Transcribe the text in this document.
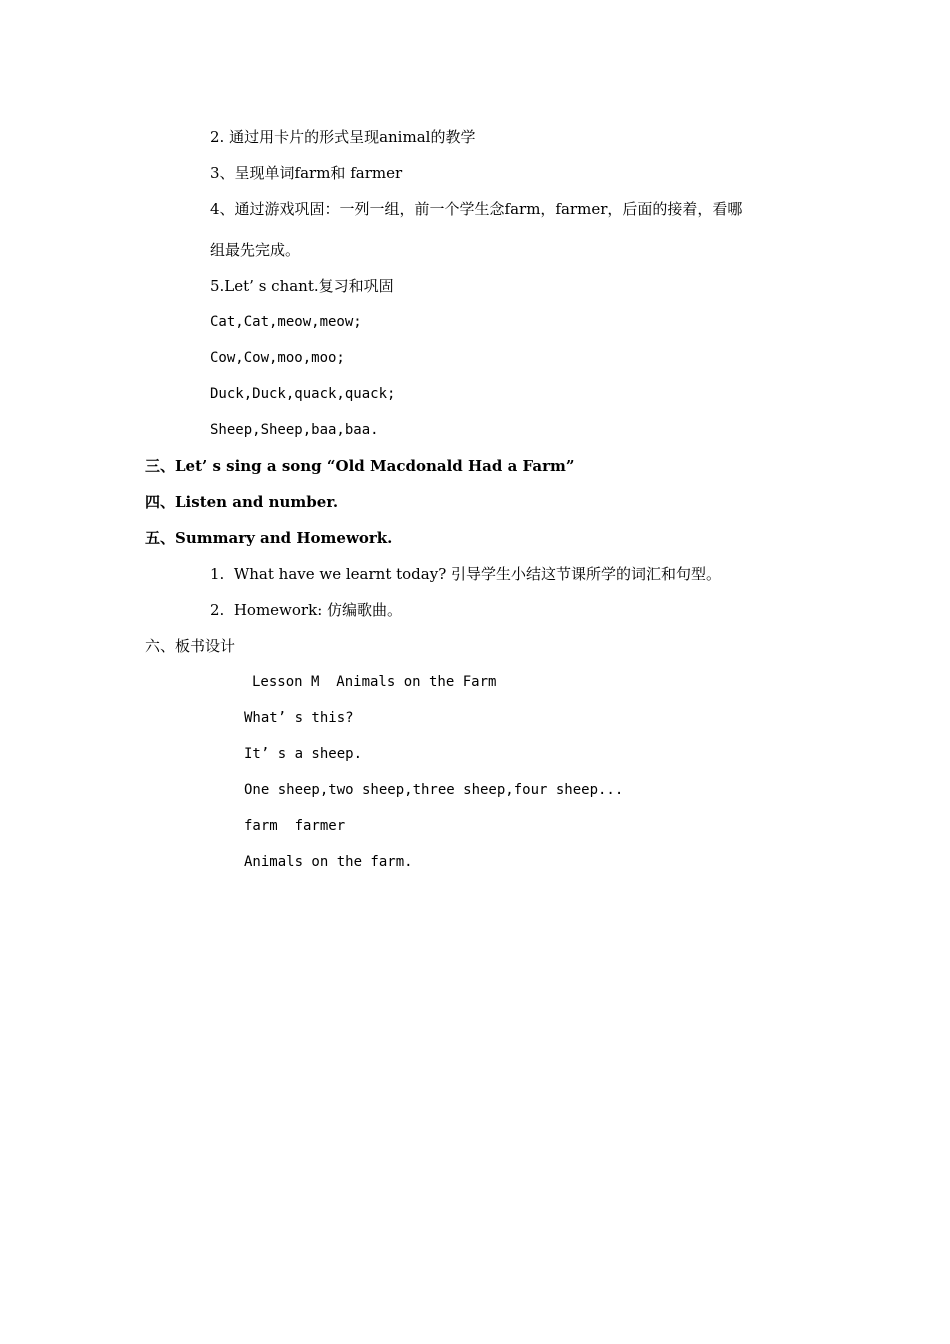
2. 通过用卡片的形式呈现animal的教学
3、呈现单词farm和 farmer
4、通过游戏巩固：一列一组，前一个学生念farm，farmer，后面的接着，看哪
组最先完成。
5.Let’ s chant.复习和巩固
Cat,Cat,meow,meow;
Cow,Cow,moo,moo;
Duck,Duck,quack,quack;
Sheep,Sheep,baa,baa.
三、Let’ s sing a song “Old Macdonald Had a Farm”
四、Listen and number.
五、Summary and Homework.
1.  What have we learnt today? 引导学生小结这节课所学的词汇和句型。
2.  Homework: 仿编歌曲。
六、板书设计
Lesson M  Animals on the Farm
What’ s this?
It’ s a sheep.
One sheep,two sheep,three sheep,four sheep...
farm  farmer
Animals on the farm.
